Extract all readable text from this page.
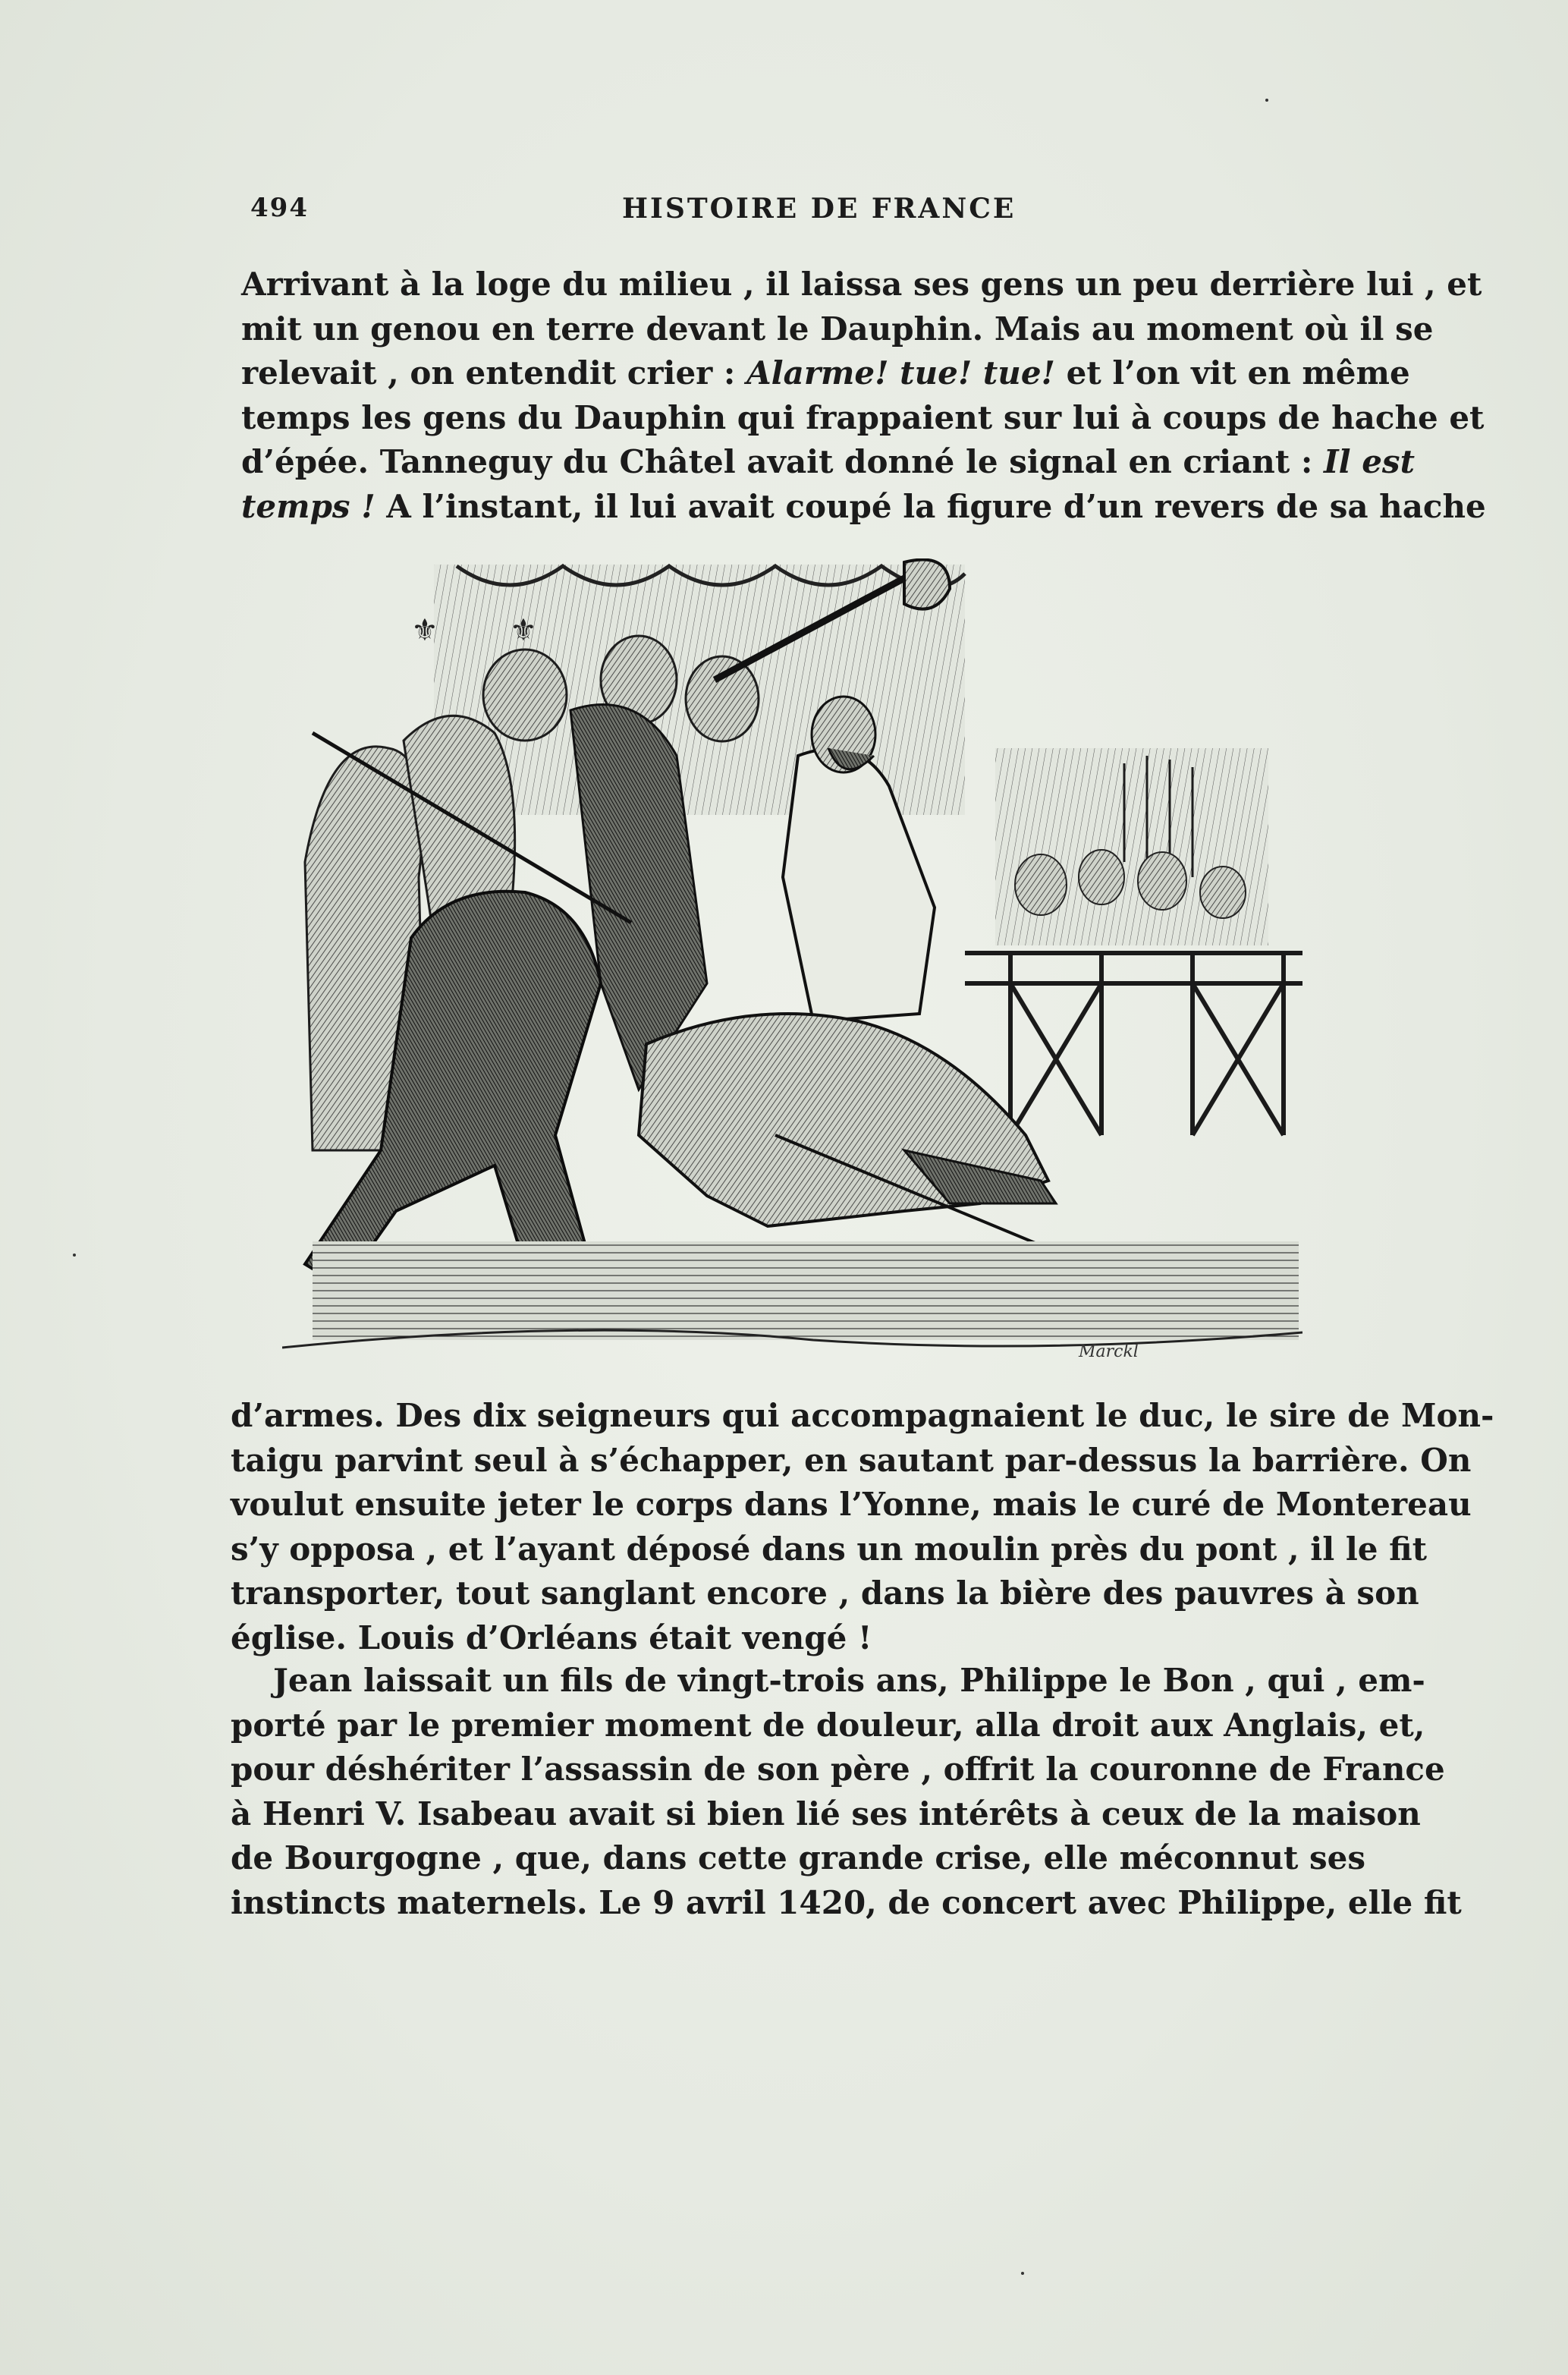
494	HISTOIRE DE FRANCE
Arrivant à la loge du milieu , il laissa ses gens un peu derrière lui , et
mit un genou en terre devant le Dauphin. Mais au moment où il se
relevait , on entendit crier : Alarme! tue! tue! et l’on vit en même
temps les gens du Dauphin qui frappaient sur lui à coups de hache et
d’épée. Tanneguy du Châtel avait donné le signal en criant : Il est
temps ! A l’instant, il lui avait coupé la figure d’un revers de sa hache
⚜ ⚜
Marckl
d’armes. Des dix seigneurs qui accompagnaient le duc, le sire de Mon-
taigu parvint seul à s’échapper, en sautant par-dessus la barrière. On
voulut ensuite jeter le corps dans l’Yonne, mais le curé de Montereau
s’y opposa , et l’ayant déposé dans un moulin près du pont , il le fit
transporter, tout sanglant encore , dans la bière des pauvres à son
église. Louis d’Orléans était vengé !
Jean laissait un fils de vingt-trois ans, Philippe le Bon , qui , em-
porté par le premier moment de douleur, alla droit aux Anglais, et,
pour déshériter l’assassin de son père , offrit la couronne de France
à Henri V. Isabeau avait si bien lié ses intérêts à ceux de la maison
de Bourgogne , que, dans cette grande crise, elle méconnut ses
instincts maternels. Le 9 avril 1420, de concert avec Philippe, elle fit
